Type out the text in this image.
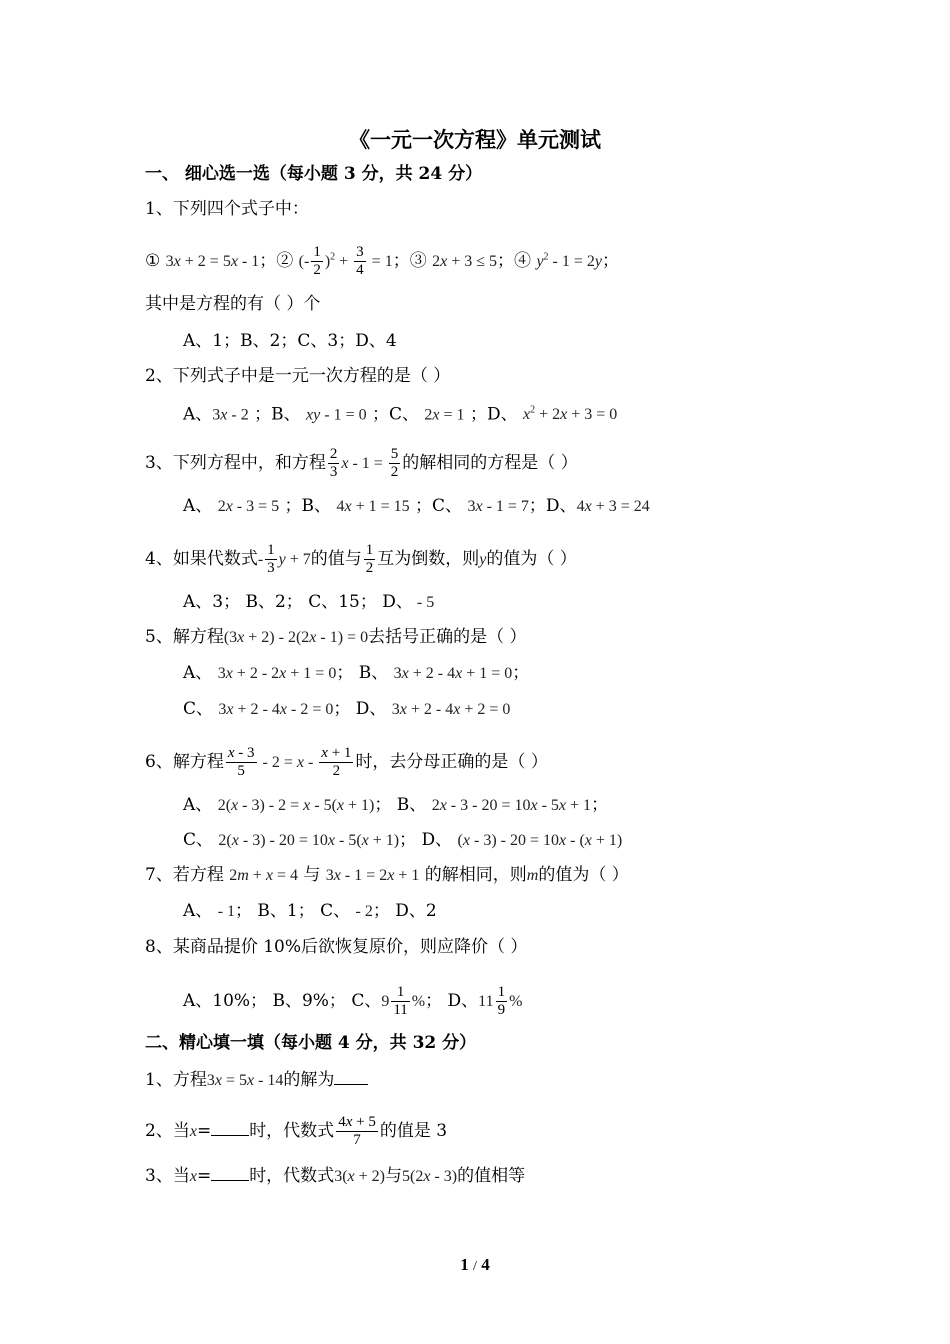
《一元一次方程》单元测试
一、 细心选一选（每小题 3 分，共 24 分）
1、下列四个式子中：
① 3x + 2 = 5x - 1；② (- $\frac{1}{2} )^2 + \frac{3}{4} = 1$；③ 2x + 3 ≤ 5；④ $y^2 - 1 = 2y$；
其中是方程的有（ ）个
A、1；B、2；C、3；D、4
2、下列式子中是一元一次方程的是（ ）
A、3x - 2 ；B、 xy - 1 = 0 ；C、 2x = 1 ；D、 $x^2 + 2x + 3 = 0$
3、下列方程中，和方程 $\frac{2}{3}$ $x - 1 = \frac{5}{2}$ 的解相同的方程是（ ）
A、 2x - 3 = 5 ；B、 4x + 1 = 15 ；C、 3x - 1 = 7；D、4x + 3 = 24
4、如果代数式- $\frac{1}{3}$ y + 7的值与 $\frac{1}{2}$ 互为倒数，则y的值为（ ）
A、3； B、2； C、15； D、 - 5
5、解方程(3x + 2) - 2(2x - 1) = 0去括号正确的是（ ）
A、 3x + 2 - 2x + 1 = 0； B、 3x + 2 - 4x + 1 = 0；
C、 3x + 2 - 4x - 2 = 0； D、 3x + 2 - 4x + 2 = 0
6、解方程 $\frac{x - 3}{5} - 2 = x - \frac{x + 1}{2}$ 时，去分母正确的是（ ）
A、 2(x - 3) - 2 = x - 5(x + 1)； B、 2x - 3 - 20 = 10x - 5x + 1；
C、 2(x - 3) - 20 = 10x - 5(x + 1)； D、 (x - 3) - 20 = 10x - (x + 1)
7、若方程 2m + x = 4 与 3x - 1 = 2x + 1 的解相同，则m的值为（ ）
A、 - 1； B、1； C、 - 2； D、2
8、某商品提价 10%后欲恢复原价，则应降价（ ）
A、10%； B、9%； C、$9 \frac{1}{11}$ %； D、$11 \frac{1}{9}$ %
二、精心填一填（每小题 4 分，共 32 分）
1、方程3x = 5x - 14的解为
2、当x= 时，代数式 $\frac{4x + 5}{7}$ 的值是 3
3、当x= 时，代数式3(x + 2)与5(2x - 3)的值相等
1 / 4
